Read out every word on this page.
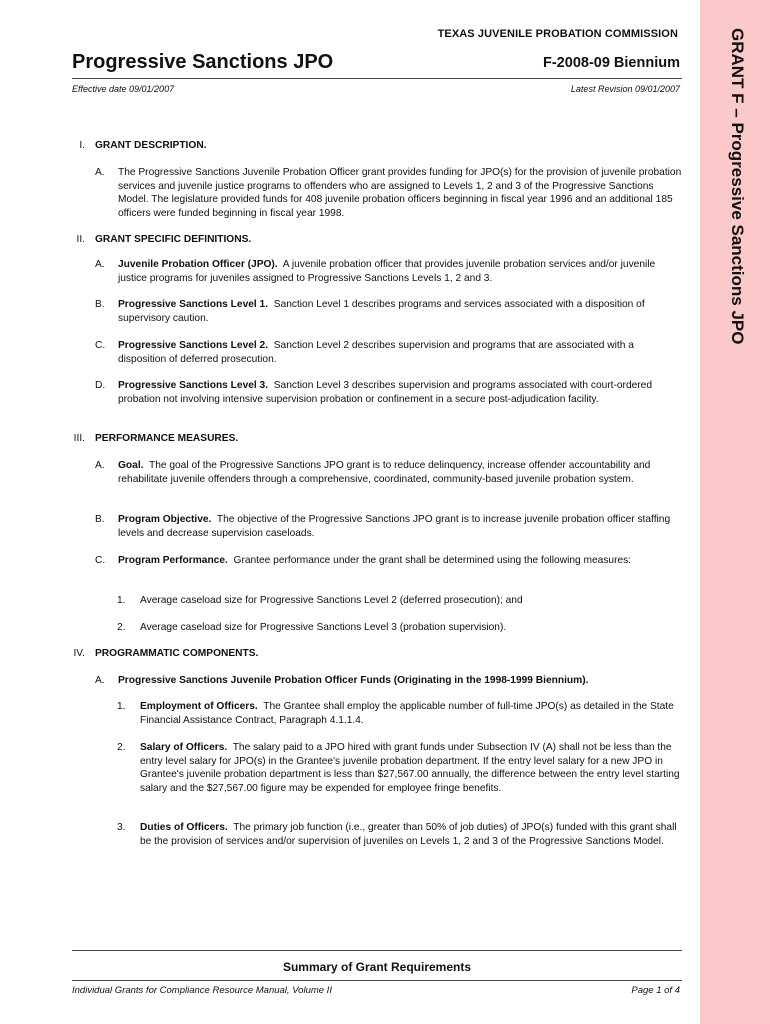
GRANT F – Progressive Sanctions JPO
TEXAS JUVENILE PROBATION COMMISSION
Progressive Sanctions JPO	F-2008-09 Biennium
Effective date 09/01/2007	Latest Revision 09/01/2007
I. GRANT DESCRIPTION.
A. The Progressive Sanctions Juvenile Probation Officer grant provides funding for JPO(s) for the provision of juvenile probation services and juvenile justice programs to offenders who are assigned to Levels 1, 2 and 3 of the Progressive Sanctions Model. The legislature provided funds for 408 juvenile probation officers beginning in fiscal year 1996 and an additional 185 officers were funded beginning in fiscal year 1998.
II. GRANT SPECIFIC DEFINITIONS.
A. Juvenile Probation Officer (JPO). A juvenile probation officer that provides juvenile probation services and/or juvenile justice programs for juveniles assigned to Progressive Sanctions Levels 1, 2 and 3.
B. Progressive Sanctions Level 1. Sanction Level 1 describes programs and services associated with a disposition of supervisory caution.
C. Progressive Sanctions Level 2. Sanction Level 2 describes supervision and programs that are associated with a disposition of deferred prosecution.
D. Progressive Sanctions Level 3. Sanction Level 3 describes supervision and programs associated with court-ordered probation not involving intensive supervision probation or confinement in a secure post-adjudication facility.
III. PERFORMANCE MEASURES.
A. Goal. The goal of the Progressive Sanctions JPO grant is to reduce delinquency, increase offender accountability and rehabilitate juvenile offenders through a comprehensive, coordinated, community-based juvenile probation system.
B. Program Objective. The objective of the Progressive Sanctions JPO grant is to increase juvenile probation officer staffing levels and decrease supervision caseloads.
C. Program Performance. Grantee performance under the grant shall be determined using the following measures:
1. Average caseload size for Progressive Sanctions Level 2 (deferred prosecution); and
2. Average caseload size for Progressive Sanctions Level 3 (probation supervision).
IV. PROGRAMMATIC COMPONENTS.
A. Progressive Sanctions Juvenile Probation Officer Funds (Originating in the 1998-1999 Biennium).
1. Employment of Officers. The Grantee shall employ the applicable number of full-time JPO(s) as detailed in the State Financial Assistance Contract, Paragraph 4.1.1.4.
2. Salary of Officers. The salary paid to a JPO hired with grant funds under Subsection IV (A) shall not be less than the entry level salary for JPO(s) in the Grantee's juvenile probation department. If the entry level salary for a new JPO in Grantee's juvenile probation department is less than $27,567.00 annually, the difference between the entry level starting salary and the $27,567.00 figure may be expended for employee fringe benefits.
3. Duties of Officers. The primary job function (i.e., greater than 50% of job duties) of JPO(s) funded with this grant shall be the provision of services and/or supervision of juveniles on Levels 1, 2 and 3 of the Progressive Sanctions Model.
Summary of Grant Requirements
Individual Grants for Compliance Resource Manual, Volume II	Page 1 of 4
